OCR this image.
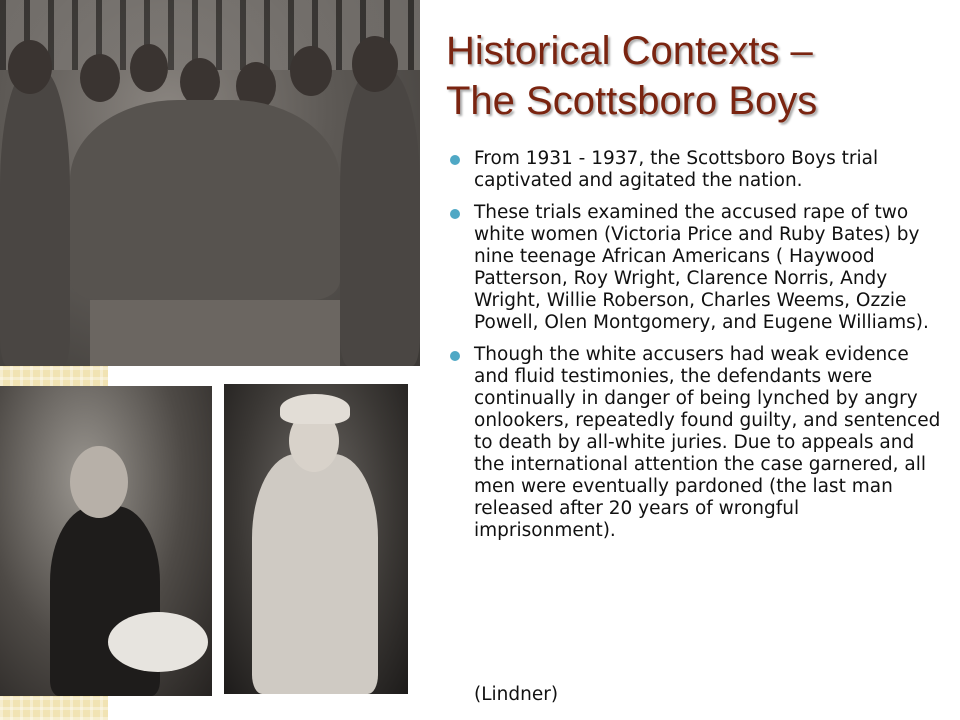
Historical Contexts –
The Scottsboro Boys
From 1931 - 1937, the Scottsboro Boys trial captivated and agitated the nation.
These trials examined the accused rape of two white women (Victoria Price and Ruby Bates) by nine teenage African Americans ( Haywood Patterson, Roy Wright, Clarence Norris, Andy Wright, Willie Roberson, Charles Weems, Ozzie Powell, Olen Montgomery, and Eugene Williams).
Though the white accusers had weak evidence and fluid testimonies, the defendants were continually in danger of being lynched by angry onlookers, repeatedly found guilty, and sentenced to death by all-white juries. Due to appeals and the international attention the case garnered, all men were eventually pardoned (the last man released after 20 years of wrongful imprisonment).
(Lindner)
